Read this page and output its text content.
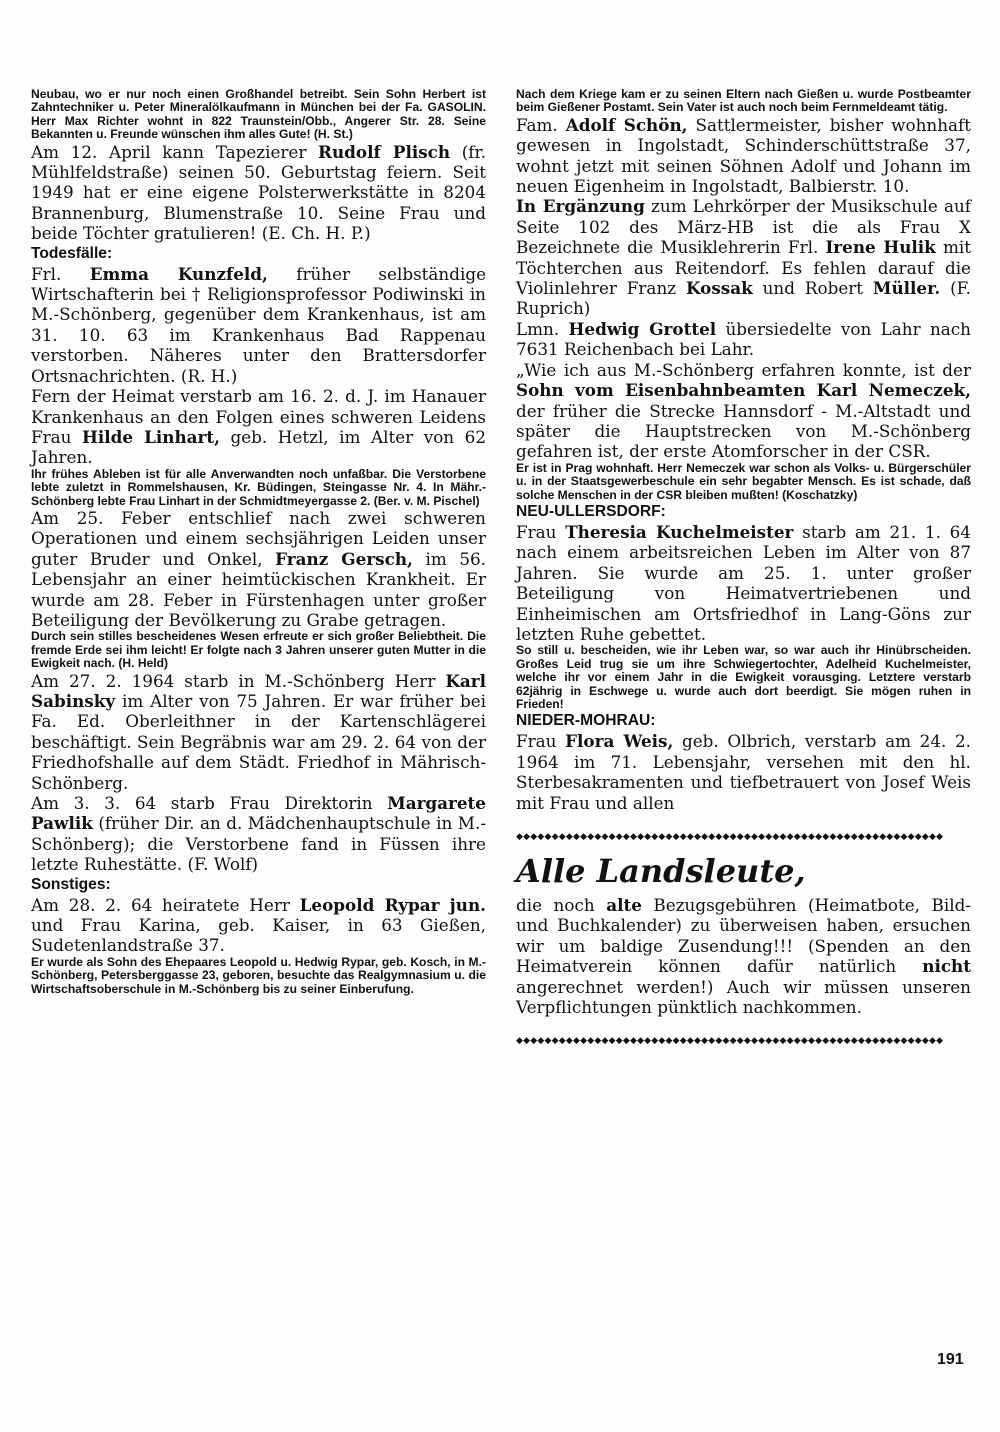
Neubau, wo er nur noch einen Großhandel betreibt. Sein Sohn Herbert ist Zahntechniker u. Peter Mineralölkaufmann in München bei der Fa. GASOLIN. Herr Max Richter wohnt in 822 Traunstein/Obb., Angerer Str. 28. Seine Bekannten u. Freunde wünschen ihm alles Gute! (H. St.)

Am 12. April kann Tapezierer Rudolf Plisch (fr. Mühlfeldstraße) seinen 50. Geburtstag feiern. Seit 1949 hat er eine eigene Polsterwerkstätte in 8204 Brannenburg, Blumenstraße 10. Seine Frau und beide Töchter gratulieren! (E. Ch. H. P.)

Todesfälle:

Frl. Emma Kunzfeld, früher selbständige Wirtschafterin bei † Religionsprofessor Podiwinski in M.-Schönberg, gegenüber dem Krankenhaus, ist am 31. 10. 63 im Krankenhaus Bad Rappenau verstorben. Näheres unter den Brattersdorfer Ortsnachrichten. (R. H.)

Fern der Heimat verstarb am 16. 2. d. J. im Hanauer Krankenhaus an den Folgen eines schweren Leidens Frau Hilde Linhart, geb. Hetzl, im Alter von 62 Jahren.

Ihr frühes Ableben ist für alle Anverwandten noch unfaßbar. Die Verstorbene lebte zuletzt in Rommelshausen, Kr. Büdingen, Steingasse Nr. 4. In Mähr.-Schönberg lebte Frau Linhart in der Schmidtmeyergasse 2. (Ber. v. M. Pischel)

Am 25. Feber entschlief nach zwei schweren Operationen und einem sechsjährigen Leiden unser guter Bruder und Onkel, Franz Gersch, im 56. Lebensjahr an einer heimtückischen Krankheit. Er wurde am 28. Feber in Fürstenhagen unter großer Beteiligung der Bevölkerung zu Grabe getragen.

Durch sein stilles bescheidenes Wesen erfreute er sich großer Beliebtheit. Die fremde Erde sei ihm leicht! Er folgte nach 3 Jahren unserer guten Mutter in die Ewigkeit nach. (H. Held)

Am 27. 2. 1964 starb in M.-Schönberg Herr Karl Sabinsky im Alter von 75 Jahren. Er war früher bei Fa. Ed. Oberleithner in der Kartenschlägerei beschäftigt. Sein Begräbnis war am 29. 2. 64 von der Friedhofshalle auf dem Städt. Friedhof in Mährisch-Schönberg.

Am 3. 3. 64 starb Frau Direktorin Margarete Pawlik (früher Dir. an d. Mädchenhauptschule in M.-Schönberg); die Verstorbene fand in Füssen ihre letzte Ruhestätte. (F. Wolf)

Sonstiges:

Am 28. 2. 64 heiratete Herr Leopold Rypar jun. und Frau Karina, geb. Kaiser, in 63 Gießen, Sudetenlandstraße 37.

Er wurde als Sohn des Ehepaares Leopold u. Hedwig Rypar, geb. Kosch, in M.-Schönberg, Petersberggasse 23, geboren, besuchte das Realgymnasium u. die Wirtschaftsoberschule in M.-Schönberg bis zu seiner Einberufung.

Nach dem Kriege kam er zu seinen Eltern nach Gießen u. wurde Postbeamter beim Gießener Postamt. Sein Vater ist auch noch beim Fernmeldeamt tätig.

Fam. Adolf Schön, Sattlermeister, bisher wohnhaft gewesen in Ingolstadt, Schinderschüttstraße 37, wohnt jetzt mit seinen Söhnen Adolf und Johann im neuen Eigenheim in Ingolstadt, Balbierstr. 10.

In Ergänzung zum Lehrkörper der Musikschule auf Seite 102 des März-HB ist die als Frau X Bezeichnete die Musiklehrerin Frl. Irene Hulik mit Töchterchen aus Reitendorf. Es fehlen darauf die Violinlehrer Franz Kossak und Robert Müller. (F. Ruprich)

Lmn. Hedwig Grottel übersiedelte von Lahr nach 7631 Reichenbach bei Lahr.

„Wie ich aus M.-Schönberg erfahren konnte, ist der Sohn vom Eisenbahnbeamten Karl Nemeczek, der früher die Strecke Hannsdorf - M.-Altstadt und später die Hauptstrecken von M.-Schönberg gefahren ist, der erste Atomforscher in der CSR.

Er ist in Prag wohnhaft. Herr Nemeczek war schon als Volks- u. Bürgerschüler u. in der Staatsgewerbeschule ein sehr begabter Mensch. Es ist schade, daß solche Menschen in der CSR bleiben mußten! (Koschatzky)

NEU-ULLERSDORF:

Frau Theresia Kuchelmeister starb am 21. 1. 64 nach einem arbeitsreichen Leben im Alter von 87 Jahren. Sie wurde am 25. 1. unter großer Beteiligung von Heimatvertriebenen und Einheimischen am Ortsfriedhof in Lang-Göns zur letzten Ruhe gebettet.

So still u. bescheiden, wie ihr Leben war, so war auch ihr Hinübrscheiden. Großes Leid trug sie um ihre Schwiegertochter, Adelheid Kuchelmeister, welche ihr vor einem Jahr in die Ewigkeit vorausging. Letztere verstarb 62jährig in Eschwege u. wurde auch dort beerdigt. Sie mögen ruhen in Frieden!

NIEDER-MOHRAU:

Frau Flora Weis, geb. Olbrich, verstarb am 24. 2. 1964 im 71. Lebensjahr, versehen mit den hl. Sterbesakramenten und tiefbetrauert von Josef Weis mit Frau und allen

◆◆◆◆◆◆◆◆◆◆◆◆◆◆◆◆◆◆◆◆◆◆◆◆◆◆◆◆◆◆◆◆◆◆◆◆◆◆◆◆◆◆◆◆◆◆◆◆◆◆◆◆◆◆◆◆◆◆◆◆
Alle Landsleute,

die noch alte Bezugsgebühren (Heimatbote, Bild- und Buchkalender) zu überweisen haben, ersuchen wir um baldige Zusendung!!! (Spenden an den Heimatverein können dafür natürlich nicht angerechnet werden!) Auch wir müssen unseren Verpflichtungen pünktlich nachkommen.

◆◆◆◆◆◆◆◆◆◆◆◆◆◆◆◆◆◆◆◆◆◆◆◆◆◆◆◆◆◆◆◆◆◆◆◆◆◆◆◆◆◆◆◆◆◆◆◆◆◆◆◆◆◆◆◆◆◆◆◆
191
